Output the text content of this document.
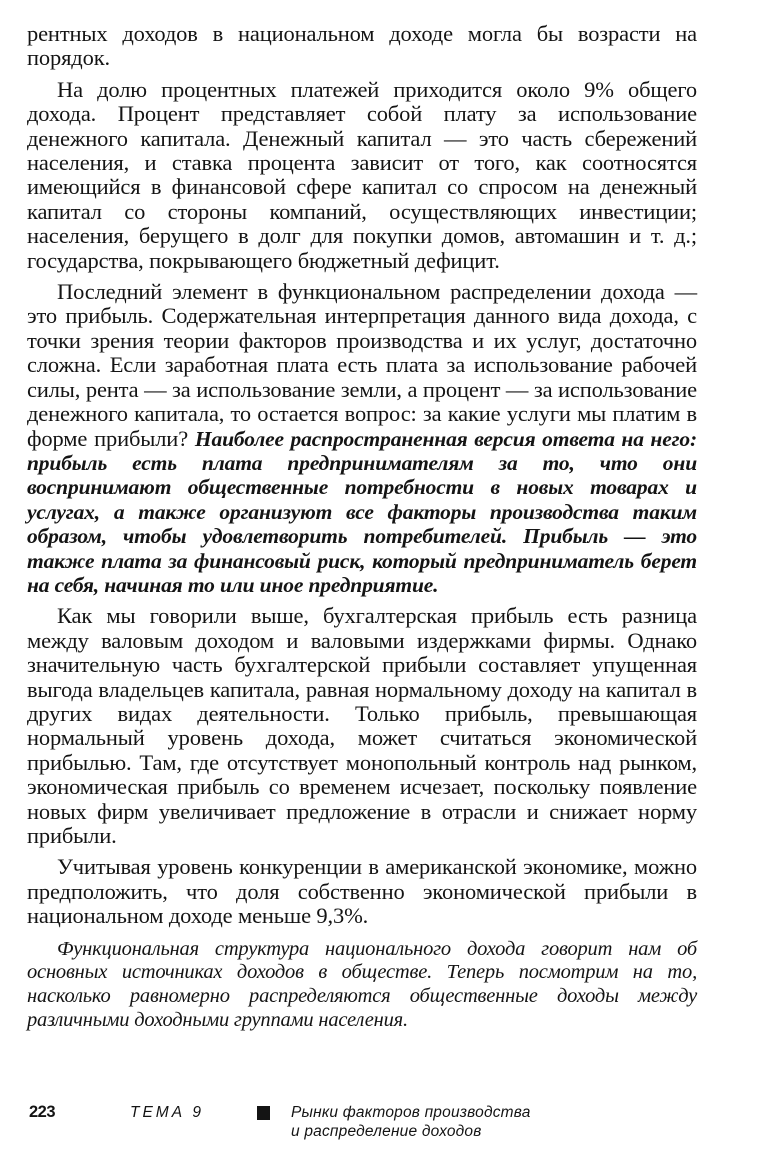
рентных доходов в национальном доходе могла бы возрасти на порядок.

На долю процентных платежей приходится около 9% общего дохода. Процент представляет собой плату за использование денежного капитала. Денежный капитал — это часть сбережений населения, и ставка процента зависит от того, как соотносятся имеющийся в финансовой сфере капитал со спросом на денежный капитал со стороны компаний, осуществляющих инвестиции; населения, берущего в долг для покупки домов, автомашин и т. д.; государства, покрывающего бюджетный дефицит.

Последний элемент в функциональном распределении дохода — это прибыль. Содержательная интерпретация данного вида дохода, с точки зрения теории факторов производства и их услуг, достаточно сложна. Если заработная плата есть плата за использование рабочей силы, рента — за использование земли, а процент — за использование денежного капитала, то остается вопрос: за какие услуги мы платим в форме прибыли? Наиболее распространенная версия ответа на него: прибыль есть плата предпринимателям за то, что они воспринимают общественные потребности в новых товарах и услугах, а также организуют все факторы производства таким образом, чтобы удовлетворить потребителей. Прибыль — это также плата за финансовый риск, который предприниматель берет на себя, начиная то или иное предприятие.

Как мы говорили выше, бухгалтерская прибыль есть разница между валовым доходом и валовыми издержками фирмы. Однако значительную часть бухгалтерской прибыли составляет упущенная выгода владельцев капитала, равная нормальному доходу на капитал в других видах деятельности. Только прибыль, превышающая нормальный уровень дохода, может считаться экономической прибылью. Там, где отсутствует монопольный контроль над рынком, экономическая прибыль со временем исчезает, поскольку появление новых фирм увеличивает предложение в отрасли и снижает норму прибыли.

Учитывая уровень конкуренции в американской экономике, можно предположить, что доля собственно экономической прибыли в национальном доходе меньше 9,3%.

Функциональная структура национального дохода говорит нам об основных источниках доходов в обществе. Теперь посмотрим на то, насколько равномерно распределяются общественные доходы между различными доходными группами населения.

223	ТЕМА 9	Рынки факторов производства
и распределение доходов
